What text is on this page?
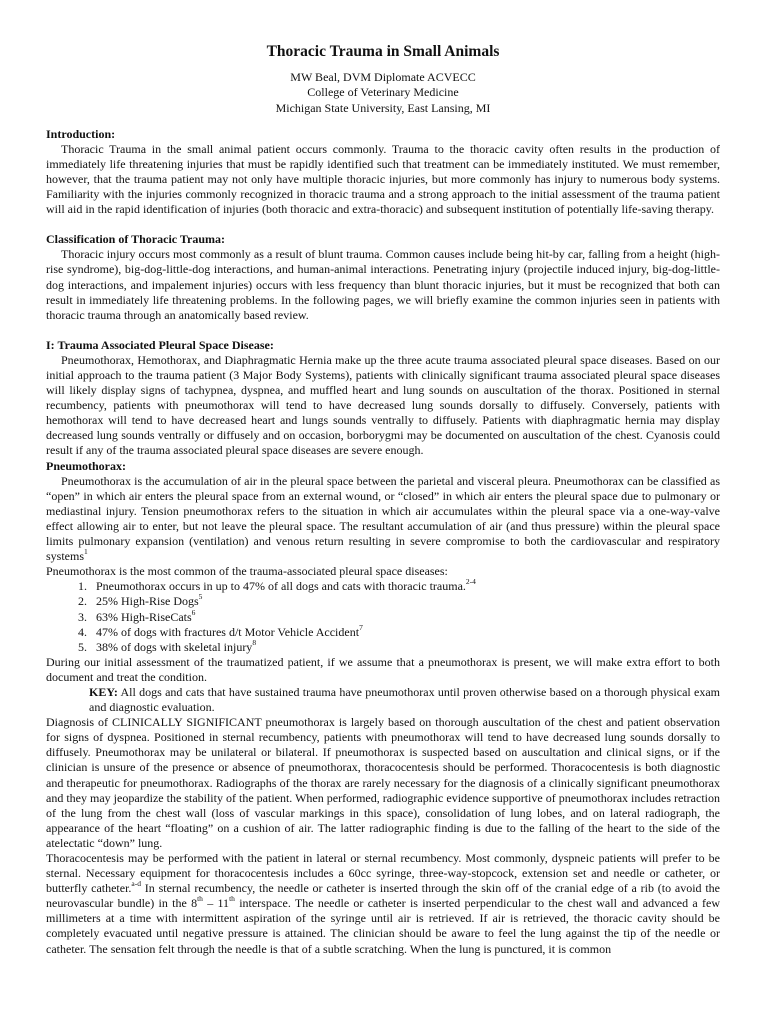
Thoracic Trauma in Small Animals
MW Beal, DVM Diplomate ACVECC
College of Veterinary Medicine
Michigan State University, East Lansing, MI
Introduction:

Thoracic Trauma in the small animal patient occurs commonly. Trauma to the thoracic cavity often results in the production of immediately life threatening injuries that must be rapidly identified such that treatment can be immediately instituted. We must remember, however, that the trauma patient may not only have multiple thoracic injuries, but more commonly has injury to numerous body systems. Familiarity with the injuries commonly recognized in thoracic trauma and a strong approach to the initial assessment of the trauma patient will aid in the rapid identification of injuries (both thoracic and extra-thoracic) and subsequent institution of potentially life-saving therapy.

Classification of Thoracic Trauma:

Thoracic injury occurs most commonly as a result of blunt trauma. Common causes include being hit-by car, falling from a height (high-rise syndrome), big-dog-little-dog interactions, and human-animal interactions. Penetrating injury (projectile induced injury, big-dog-little-dog interactions, and impalement injuries) occurs with less frequency than blunt thoracic injuries, but it must be recognized that both can result in immediately life threatening problems. In the following pages, we will briefly examine the common injuries seen in patients with thoracic trauma through an anatomically based review.

I: Trauma Associated Pleural Space Disease:

Pneumothorax, Hemothorax, and Diaphragmatic Hernia make up the three acute trauma associated pleural space diseases. Based on our initial approach to the trauma patient (3 Major Body Systems), patients with clinically significant trauma associated pleural space diseases will likely display signs of tachypnea, dyspnea, and muffled heart and lung sounds on auscultation of the thorax. Positioned in sternal recumbency, patients with pneumothorax will tend to have decreased lung sounds dorsally to diffusely. Conversely, patients with hemothorax will tend to have decreased heart and lungs sounds ventrally to diffusely. Patients with diaphragmatic hernia may display decreased lung sounds ventrally or diffusely and on occasion, borborygmi may be documented on auscultation of the chest. Cyanosis could result if any of the trauma associated pleural space diseases are severe enough.

Pneumothorax:

Pneumothorax is the accumulation of air in the pleural space between the parietal and visceral pleura. Pneumothorax can be classified as “open” in which air enters the pleural space from an external wound, or “closed” in which air enters the pleural space due to pulmonary or mediastinal injury. Tension pneumothorax refers to the situation in which air accumulates within the pleural space via a one-way-valve effect allowing air to enter, but not leave the pleural space. The resultant accumulation of air (and thus pressure) within the pleural space limits pulmonary expansion (ventilation) and venous return resulting in severe compromise to both the cardiovascular and respiratory systems$^1$

Pneumothorax is the most common of the trauma-associated pleural space diseases:

1. Pneumothorax occurs in up to 47% of all dogs and cats with thoracic trauma.$^{2-4}$
2. 25% High-Rise Dogs$^5$
3. 63% High-RiseCats$^6$
4. 47% of dogs with fractures d/t Motor Vehicle Accident$^7$
5. 38% of dogs with skeletal injury$^8$

During our initial assessment of the traumatized patient, if we assume that a pneumothorax is present, we will make extra effort to both document and treat the condition.

KEY: All dogs and cats that have sustained trauma have pneumothorax until proven otherwise based on a thorough physical exam and diagnostic evaluation.

Diagnosis of CLINICALLY SIGNIFICANT pneumothorax is largely based on thorough auscultation of the chest and patient observation for signs of dyspnea. Positioned in sternal recumbency, patients with pneumothorax will tend to have decreased lung sounds dorsally to diffusely. Pneumothorax may be unilateral or bilateral. If pneumothorax is suspected based on auscultation and clinical signs, or if the clinician is unsure of the presence or absence of pneumothorax, thoracocentesis should be performed. Thoracocentesis is both diagnostic and therapeutic for pneumothorax. Radiographs of the thorax are rarely necessary for the diagnosis of a clinically significant pneumothorax and they may jeopardize the stability of the patient. When performed, radiographic evidence supportive of pneumothorax includes retraction of the lung from the chest wall (loss of vascular markings in this space), consolidation of lung lobes, and on lateral radiograph, the appearance of the heart “floating” on a cushion of air. The latter radiographic finding is due to the falling of the heart to the side of the atelectatic “down” lung.

Thoracocentesis may be performed with the patient in lateral or sternal recumbency. Most commonly, dyspneic patients will prefer to be sternal. Necessary equipment for thoracocentesis includes a 60cc syringe, three-way-stopcock, extension set and needle or catheter, or butterfly catheter.$^{a-d}$ In sternal recumbency, the needle or catheter is inserted through the skin off of the cranial edge of a rib (to avoid the neurovascular bundle) in the 8th – 11th interspace. The needle or catheter is inserted perpendicular to the chest wall and advanced a few millimeters at a time with intermittent aspiration of the syringe until air is retrieved. If air is retrieved, the thoracic cavity should be completely evacuated until negative pressure is attained. The clinician should be aware to feel the lung against the tip of the needle or catheter. The sensation felt through the needle is that of a subtle scratching. When the lung is punctured, it is common
